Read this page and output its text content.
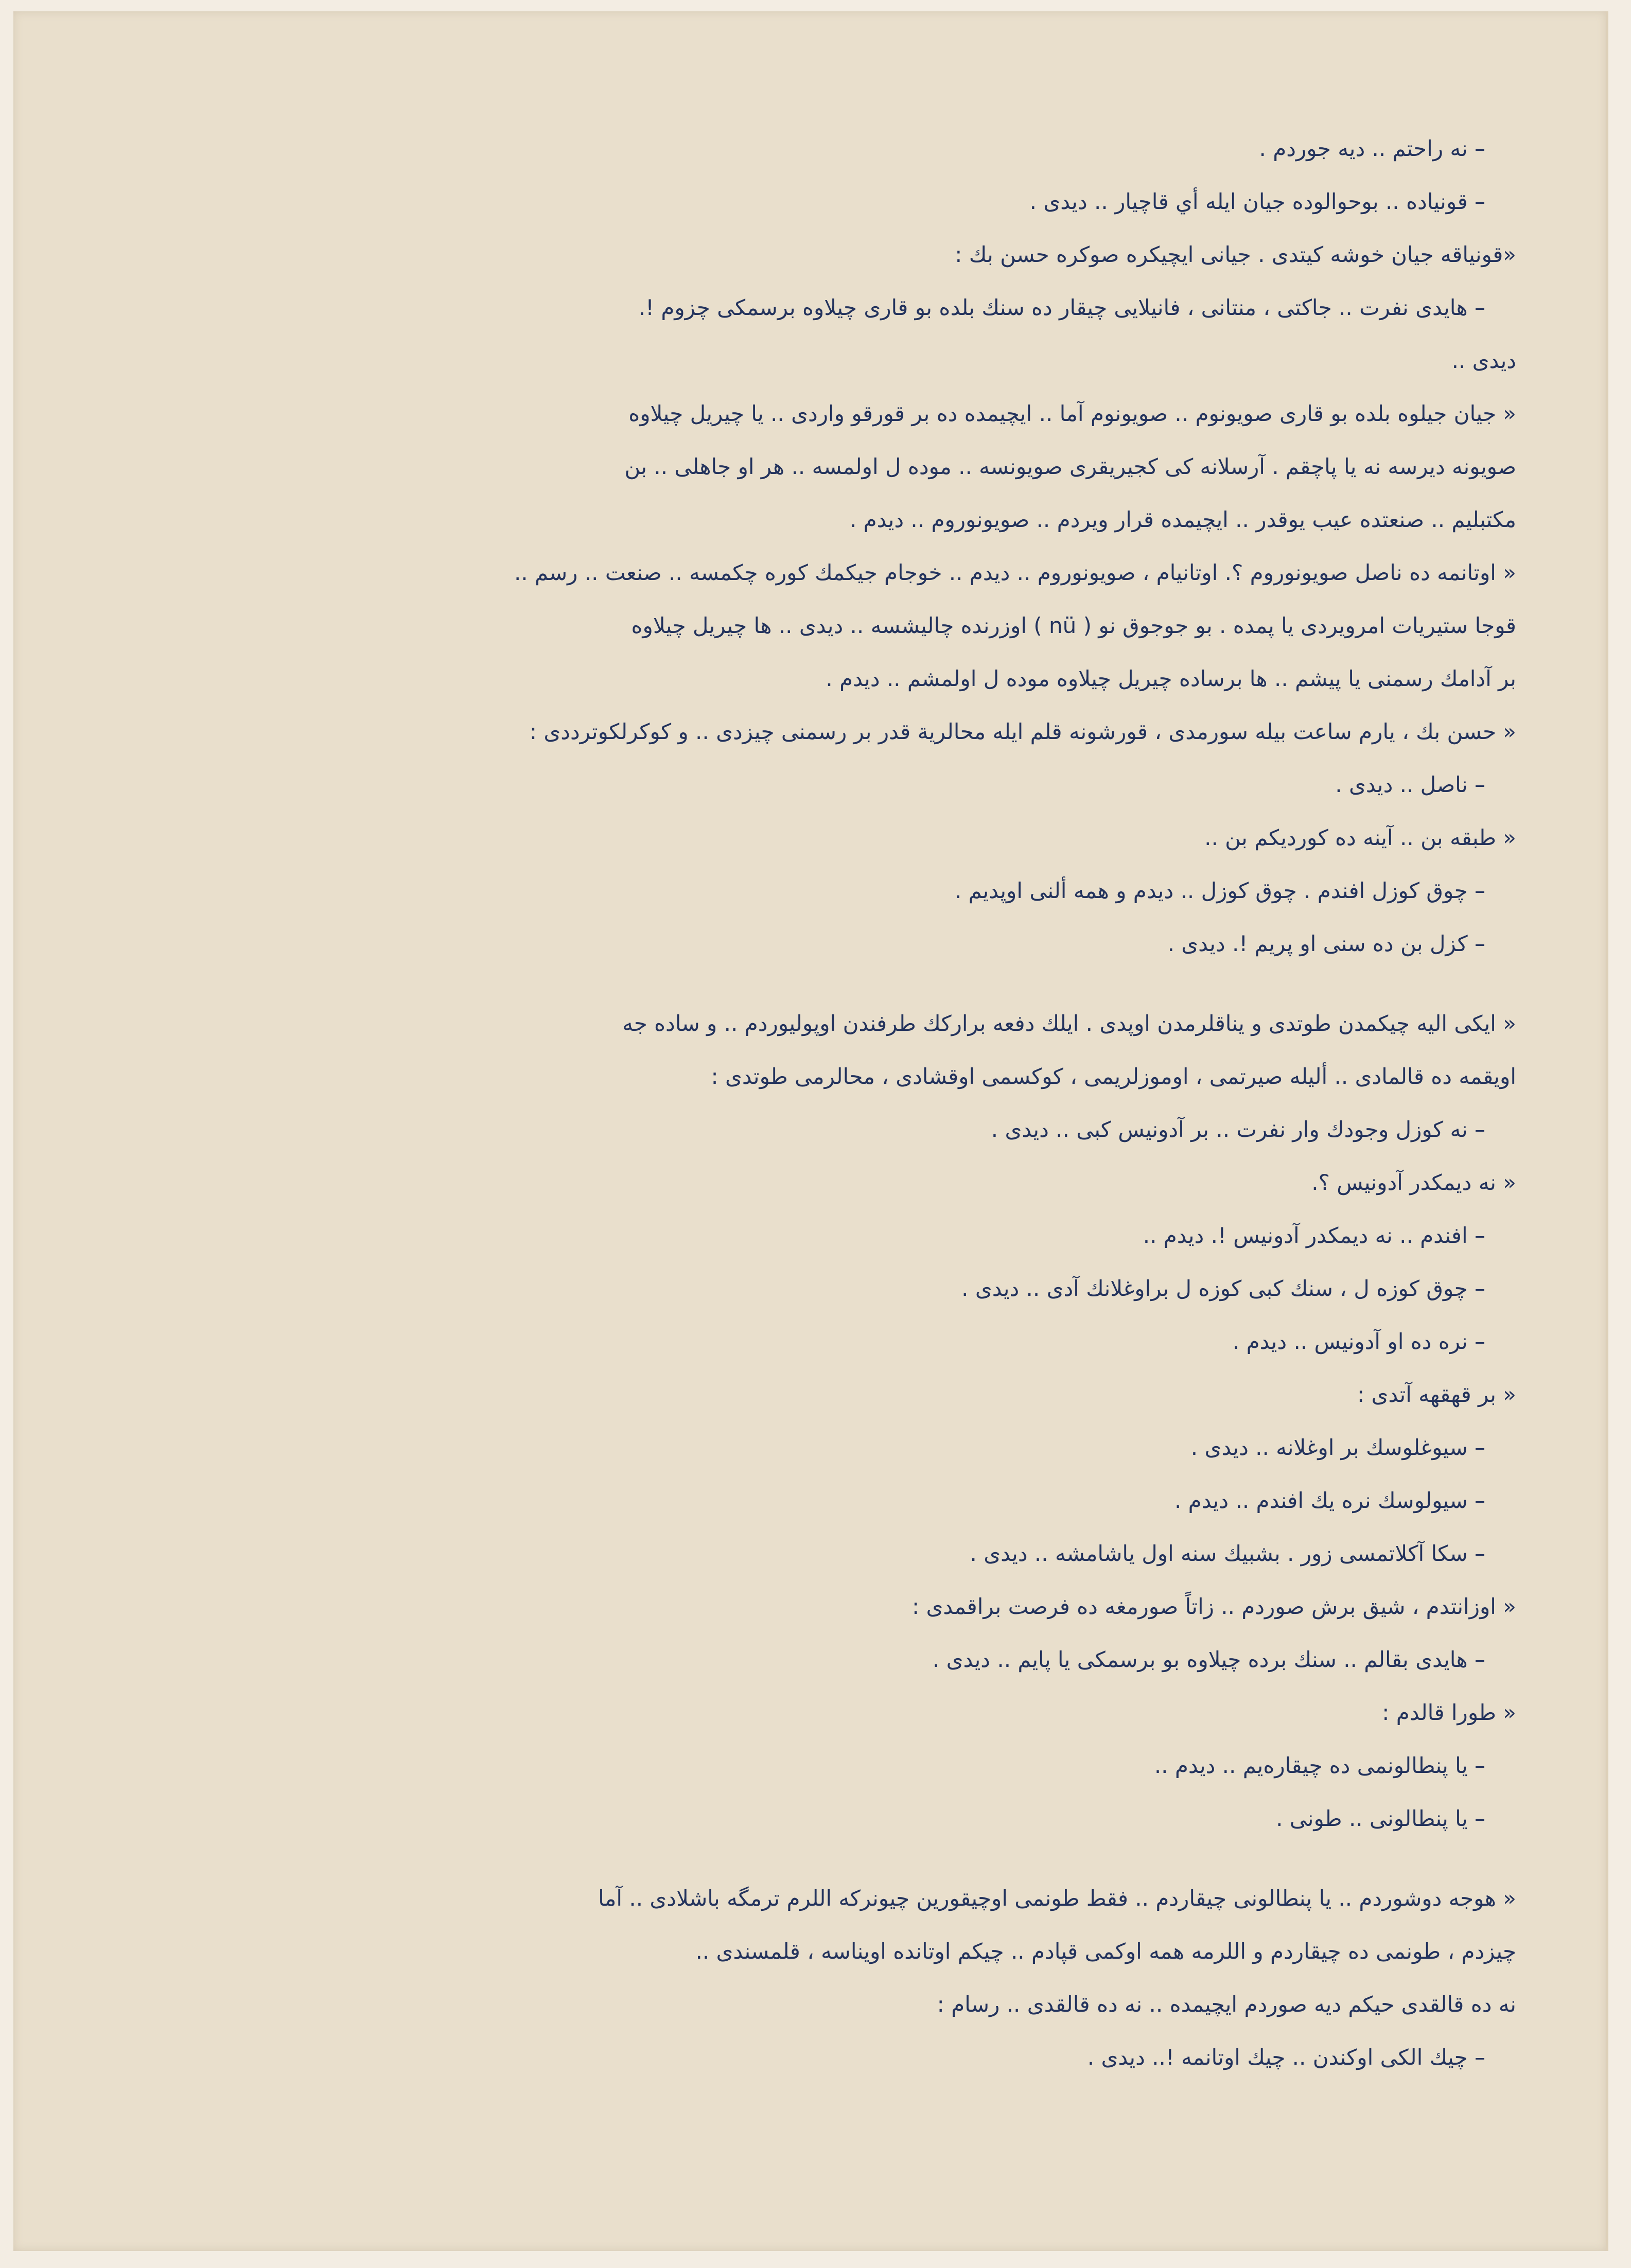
– نه راحتم .. ديه جوردم .
– قونياده .. بوحوالوده جيان ايله أي قاچيار .. ديدى .
«قونياقه جيان خوشه كيتدى . جيانى ايچيكره صوكره حسن بك :
– هايدى نفرت .. جاكتى ، منتانى ، فانيلايى چيقار ده سنك بلده بو قارى چيلاوه برسمكى چزوم !.
ديدى ..
« جيان جيلوه بلده بو قارى صويونوم .. صويونوم آما .. ايچيمده ده بر قورقو واردى .. يا چيريل چيلاوه
صويونه ديرسه نه يا پاچقم . آرسلانه كى كجيريقرى صويونسه .. موده ل اولمسه .. هر او جاهلى .. بن
مكتبليم .. صنعتده عيب يوقدر .. ايچيمده قرار ويردم .. صويونوروم .. ديدم .
« اوتانمه ده ناصل صويونوروم ؟. اوتانيام ، صويونوروم .. ديدم .. خوجام جيكمك كوره چكمسه .. صنعت .. رسم ..
قوجا ستيريات امرويردى يا پمده . بو جوجوق نو ( nü ) اوزرنده چاليشسه .. ديدى .. ها چيريل چيلاوه
بر آدامك رسمنى يا پيشم .. ها برساده چيريل چيلاوه موده ل اولمشم .. ديدم .
« حسن بك ، يارم ساعت بيله سورمدى ، قورشونه قلم ايله محالرية قدر بر رسمنى چيزدى .. و كوكرلكوترددى :
– ناصل .. ديدى .
« طبقه بن .. آينه ده كورديكم بن ..
– چوق كوزل افندم . چوق كوزل .. ديدم و همه ألنى اوپديم .
– كزل بن ده سنى او پريم !. ديدى .
« ايكى اليه چيكمدن طوتدى و يناقلرمدن اوپدى . ايلك دفعه براركك طرفندن اوپوليوردم .. و ساده جه
اويقمه ده قالمادى .. أليله صيرتمى ، اوموزلريمى ، كوكسمى اوقشادى ، محالرمى طوتدى :
– نه كوزل وجودك وار نفرت .. بر آدونيس كبى .. ديدى .
« نه ديمكدر آدونيس ؟.
– افندم .. نه ديمكدر آدونيس !. ديدم ..
– چوق كوزه ل ، سنك كبى كوزه ل براوغلانك آدى .. ديدى .
– نره ده او آدونيس .. ديدم .
« بر قهقهه آتدى :
– سيوغلوسك بر اوغلانه .. ديدى .
– سيولوسك نره يك افندم .. ديدم .
– سكا آكلاتمسى زور . بشبيك سنه اول ياشامشه .. ديدى .
« اوزانتدم ، شيق برش صوردم .. زاتاً صورمغه ده فرصت براقمدى :
– هايدى بقالم .. سنك برده چيلاوه بو برسمكى يا پايم .. ديدى .
« طورا قالدم :
– يا پنطالونمى ده چيقارەيم .. ديدم ..
– يا پنطالونى .. طونى .
« هوجه دوشوردم .. يا پنطالونى چيقاردم .. فقط طونمى اوچيقورين چيونركه اللرم ترمگه باشلادى .. آما
چيزدم ، طونمى ده چيقاردم و اللرمه همه اوكمى قپادم .. چيكم اوتانده اويناسه ، قلمسندى ..
نه ده قالقدى حيكم ديه صوردم ايچيمده .. نه ده قالقدى .. رسام :
– چيك الكى اوكندن .. چيك اوتانمه !.. ديدى .
